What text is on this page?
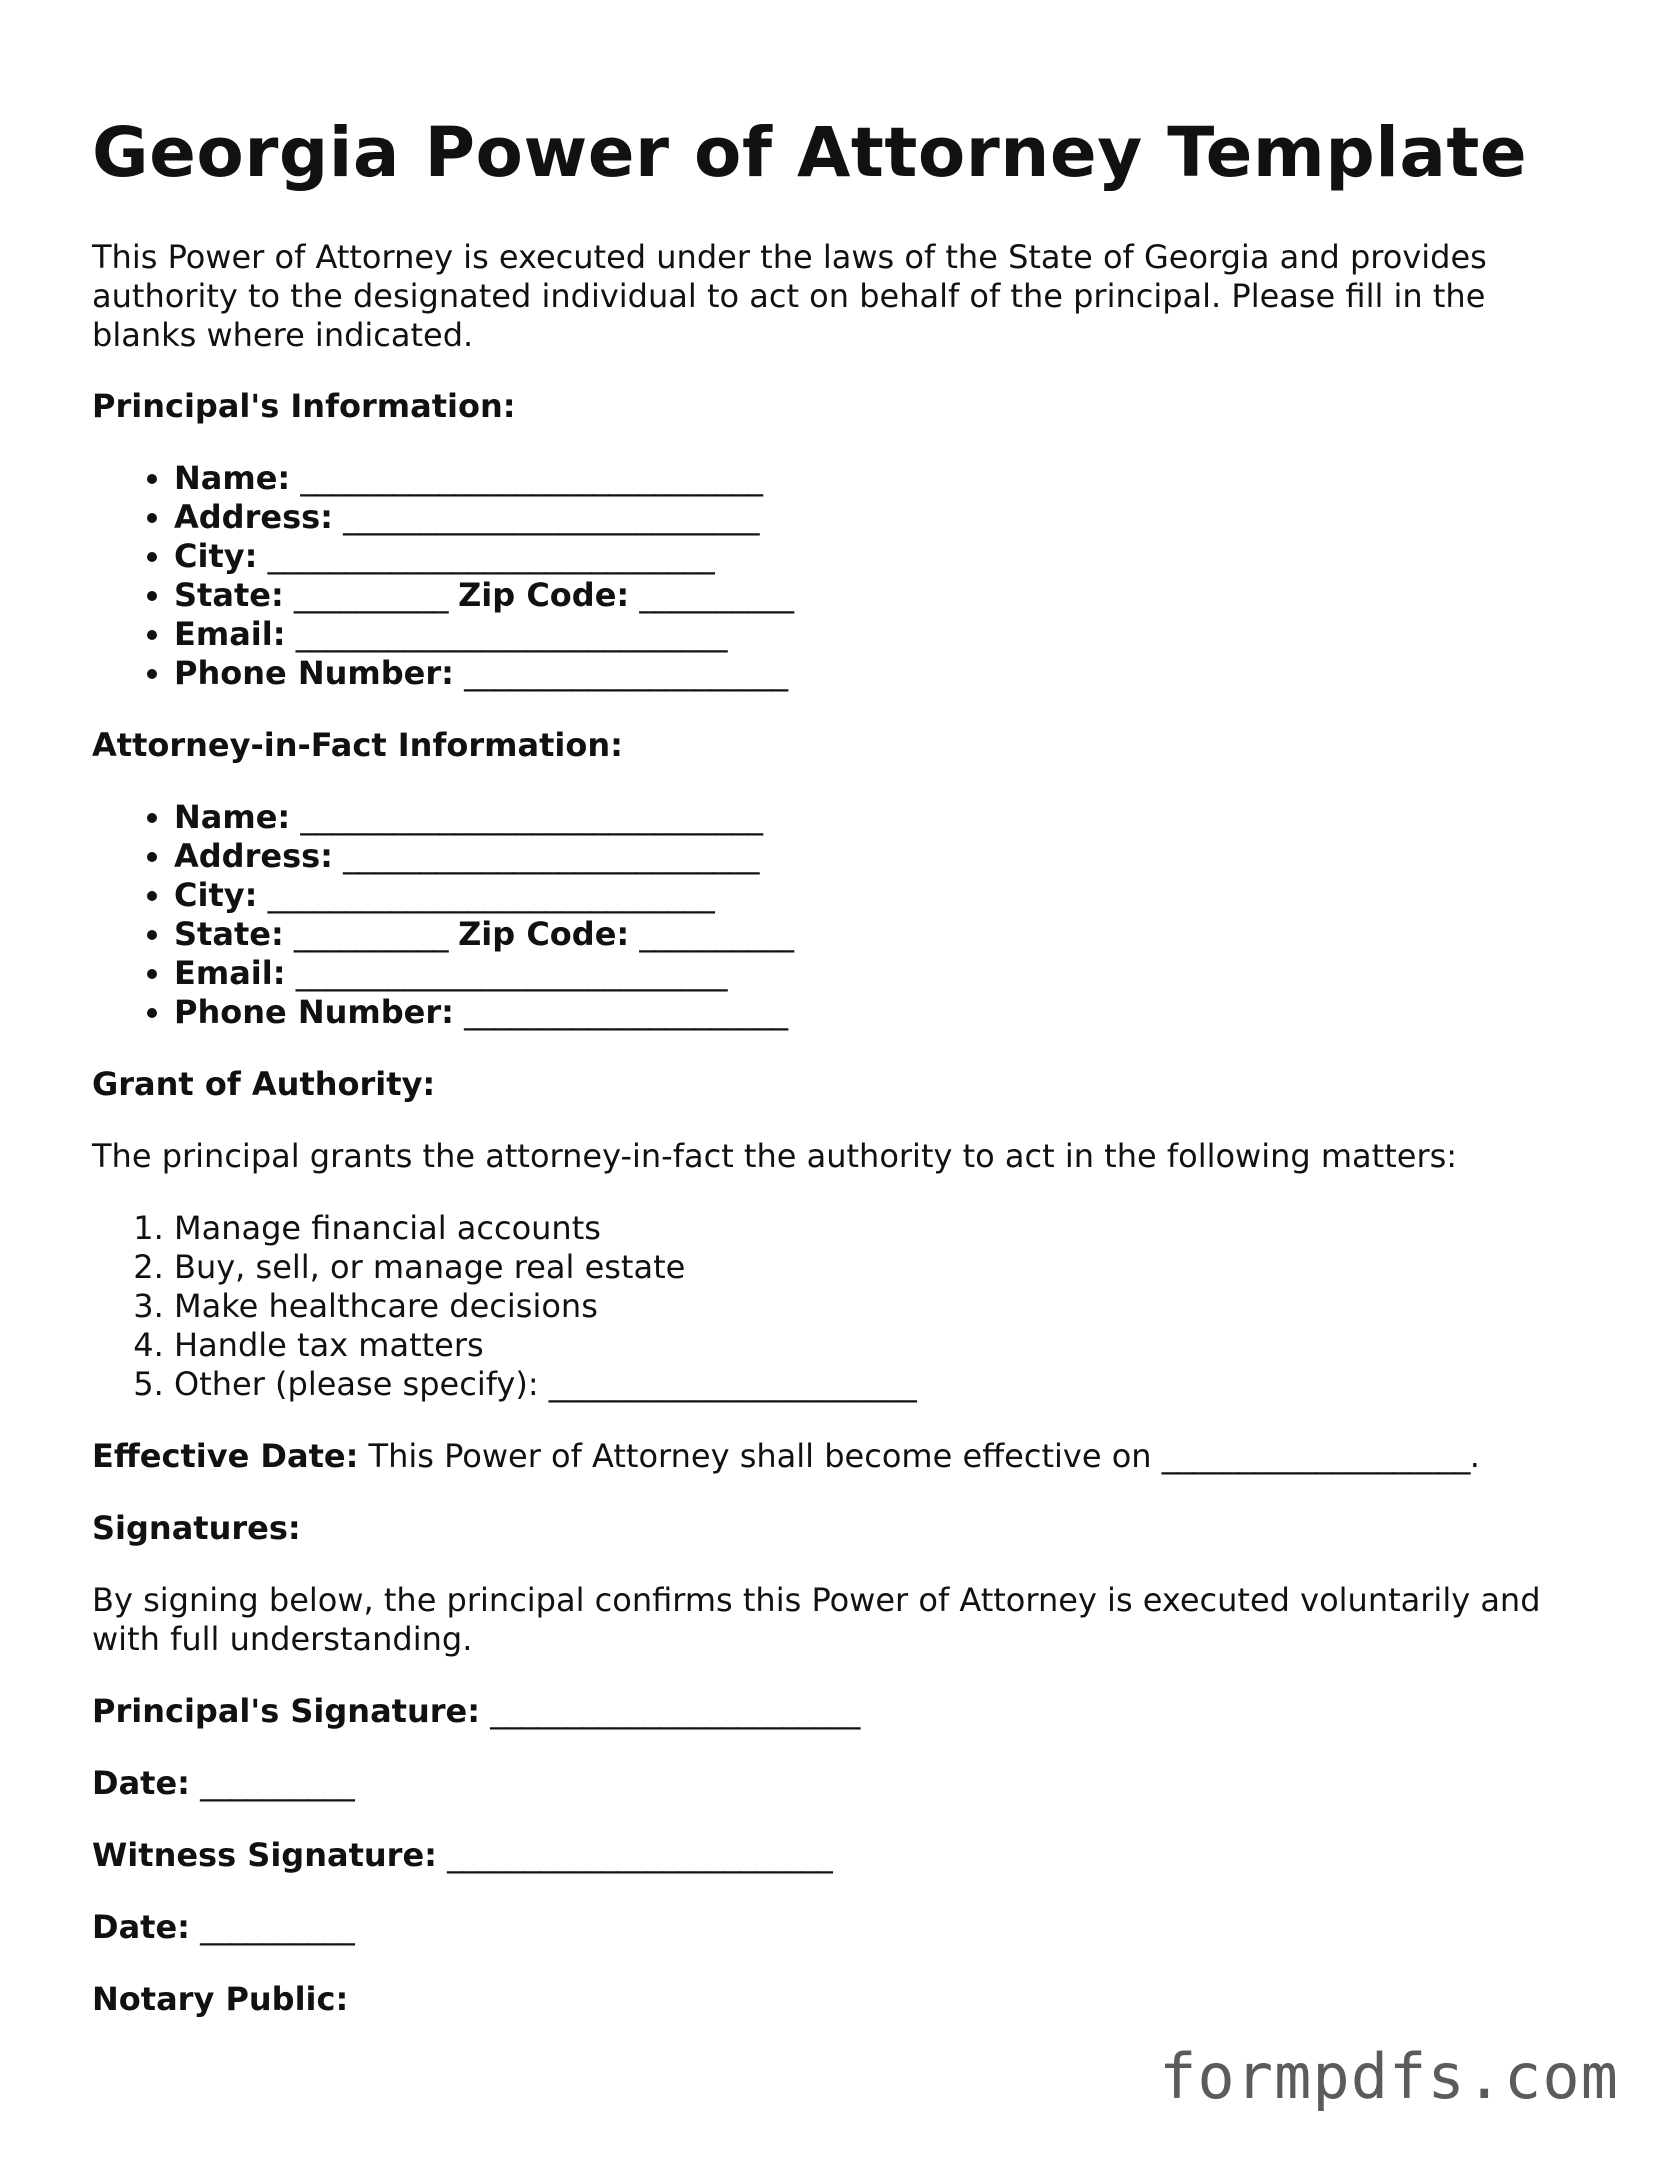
Georgia Power of Attorney Template

This Power of Attorney is executed under the laws of the State of Georgia and provides authority to the designated individual to act on behalf of the principal. Please fill in the blanks where indicated.

Principal's Information:

• Name: ______________________________
• Address: ___________________________
• City: _____________________________
• State: __________ Zip Code: __________
• Email: ____________________________
• Phone Number: _____________________

Attorney-in-Fact Information:

• Name: ______________________________
• Address: ___________________________
• City: _____________________________
• State: __________ Zip Code: __________
• Email: ____________________________
• Phone Number: _____________________

Grant of Authority:

The principal grants the attorney-in-fact the authority to act in the following matters:

1. Manage financial accounts
2. Buy, sell, or manage real estate
3. Make healthcare decisions
4. Handle tax matters
5. Other (please specify): _______________________

Effective Date: This Power of Attorney shall become effective on ____________________.

Signatures:

By signing below, the principal confirms this Power of Attorney is executed voluntarily and with full understanding.

Principal's Signature: ________________________

Date: __________

Witness Signature: _________________________

Date: __________

Notary Public:

formpdfs.com
